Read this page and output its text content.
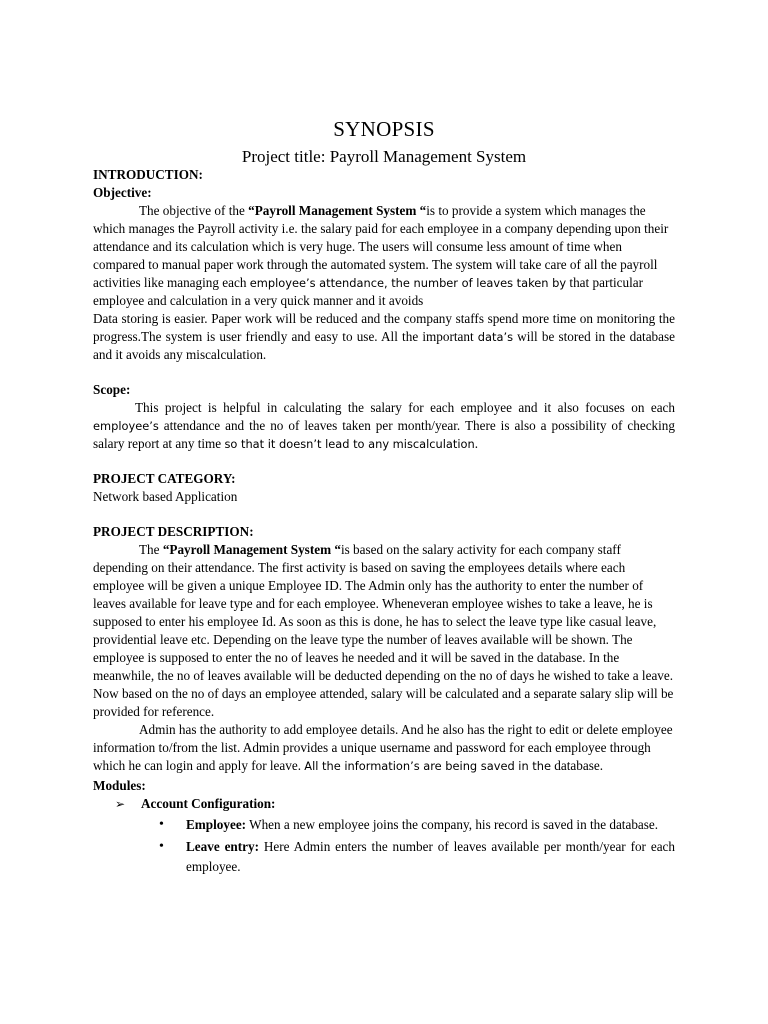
SYNOPSIS
Project title: Payroll Management System

INTRODUCTION:

Objective:

The objective of the “Payroll Management System “is to provide a system which manages the which manages the Payroll activity i.e. the salary paid for each employee in a company depending upon their attendance and its calculation which is very huge. The users will consume less amount of time when compared to manual paper work through the automated system. The system will take care of all the payroll activities like managing each employee’s attendance, the number of leaves taken by that particular employee and calculation in a very quick manner and it avoids

Data storing is easier. Paper work will be reduced and the company staffs spend more time on monitoring the progress.The system is user friendly and easy to use. All the important data’s will be stored in the database and it avoids any miscalculation.

Scope:

This project is helpful in calculating the salary for each employee and it also focuses on each employee’s attendance and the no of leaves taken per month/year. There is also a possibility of checking salary report at any time so that it doesn’t lead to any miscalculation.

PROJECT CATEGORY:

Network based Application

PROJECT DESCRIPTION:

The “Payroll Management System “is based on the salary activity for each company staff depending on their attendance. The first activity is based on saving the employees details where each employee will be given a unique Employee ID. The Admin only has the authority to enter the number of leaves available for leave type and for each employee. Wheneveran employee wishes to take a leave, he is supposed to enter his employee Id. As soon as this is done, he has to select the leave type like casual leave, providential leave etc. Depending on the leave type the number of leaves available will be shown. The employee is supposed to enter the no of leaves he needed and it will be saved in the database. In the meanwhile, the no of leaves available will be deducted depending on the no of days he wished to take a leave. Now based on the no of days an employee attended, salary will be calculated and a separate salary slip will be provided for reference.

Admin has the authority to add employee details. And he also has the right to edit or delete employee information to/from the list. Admin provides a unique username and password for each employee through which he can login and apply for leave. All the information’s are being saved in the database.

Modules:

➢ Account Configuration:

• Employee: When a new employee joins the company, his record is saved in the database.

• Leave entry: Here Admin enters the number of leaves available per month/year for each employee.
